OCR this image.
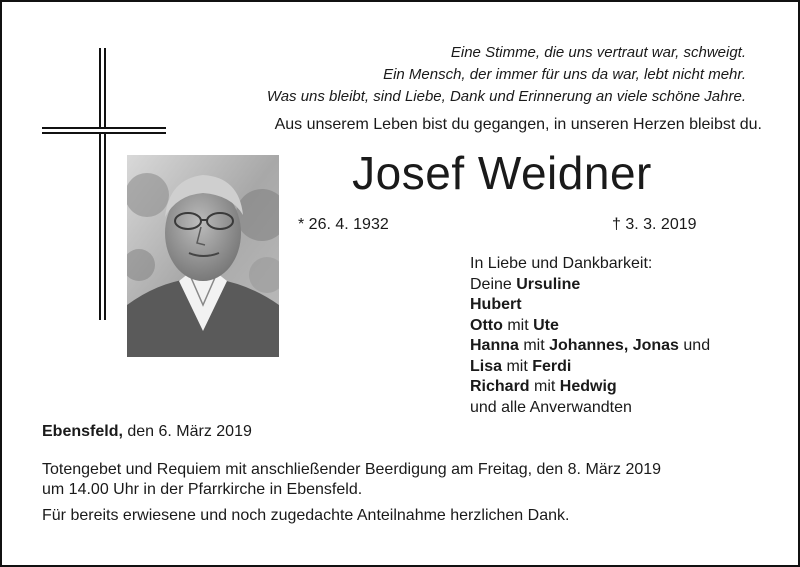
Eine Stimme, die uns vertraut war, schweigt.
Ein Mensch, der immer für uns da war, lebt nicht mehr.
Was uns bleibt, sind Liebe, Dank und Erinnerung an viele schöne Jahre.
Aus unserem Leben bist du gegangen, in unseren Herzen bleibst du.
Josef Weidner
* 26. 4. 1932	† 3. 3. 2019
In Liebe und Dankbarkeit:
Deine Ursuline
Hubert
Otto mit Ute
Hanna mit Johannes, Jonas und
Lisa mit Ferdi
Richard mit Hedwig
und alle Anverwandten
Ebensfeld, den 6. März 2019
Totengebet und Requiem mit anschließender Beerdigung am Freitag, den 8. März 2019
um 14.00 Uhr in der Pfarrkirche in Ebensfeld.
Für bereits erwiesene und noch zugedachte Anteilnahme herzlichen Dank.
